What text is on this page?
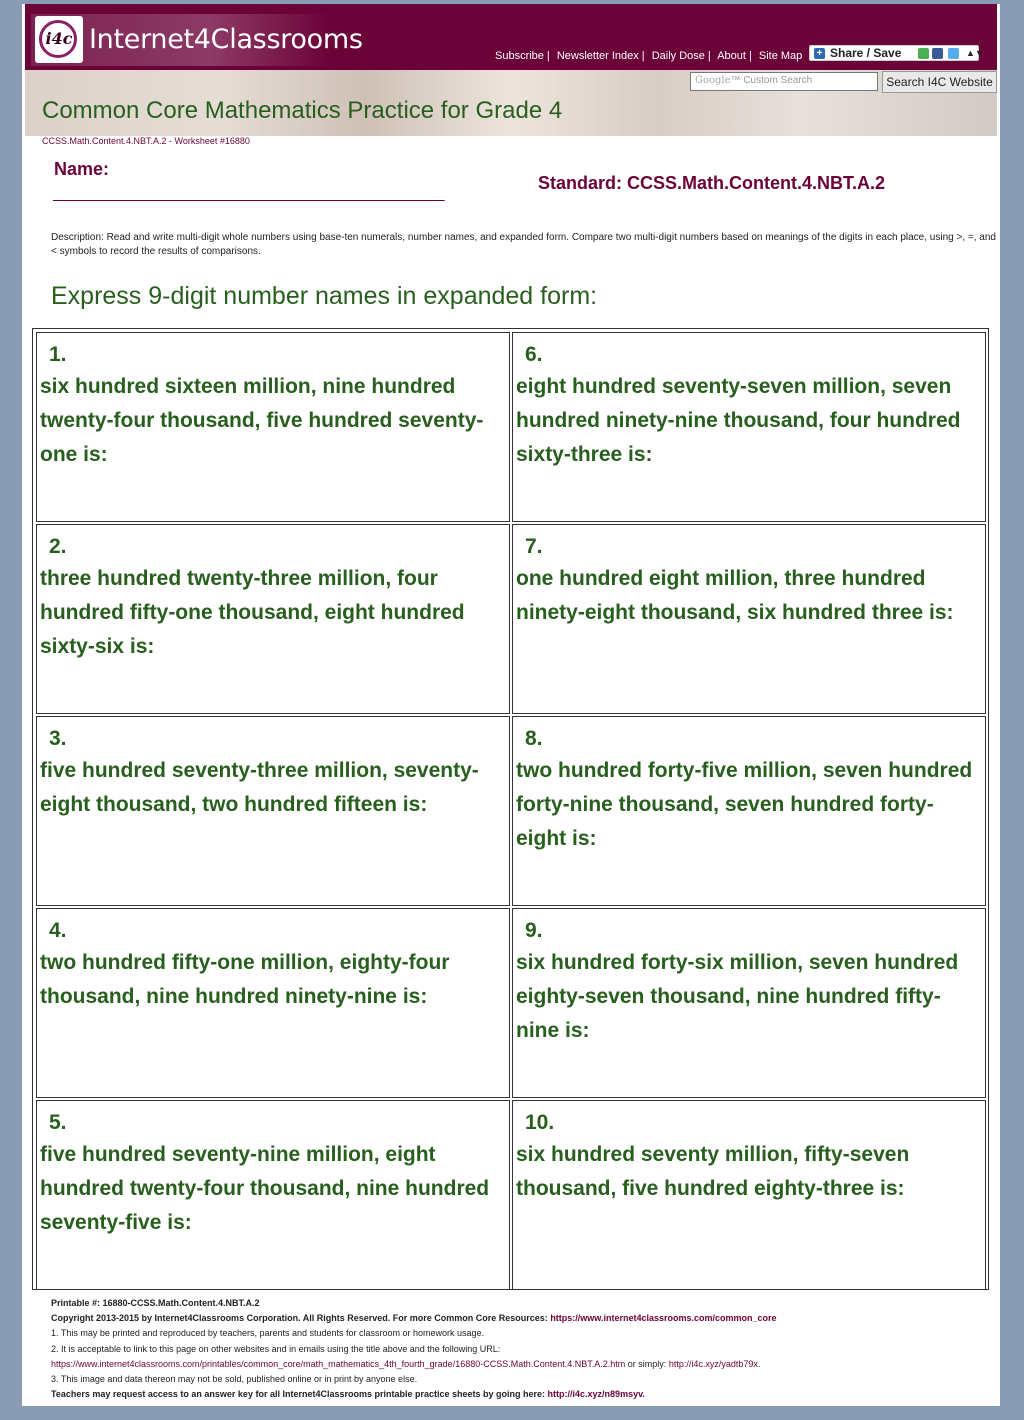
i4c Internet4Classrooms
Subscribe | Newsletter Index | Daily Dose | About | Site Map + Share / Save	▲▼
Google™ Custom Search	Search I4C Website
Common Core Mathematics Practice for Grade 4
CCSS.Math.Content.4.NBT.A.2 - Worksheet #16880
Name:
____________________________________________
Standard: CCSS.Math.Content.4.NBT.A.2
Description: Read and write multi-digit whole numbers using base-ten numerals, number names, and expanded form. Compare two multi-digit numbers based on meanings of the digits in each place, using >, =, and < symbols to record the results of comparisons.
Express 9-digit number names in expanded form:
1.
six hundred sixteen million, nine hundred twenty-four thousand, five hundred seventy-one is:
2.
three hundred twenty-three million, four hundred fifty-one thousand, eight hundred sixty-six is:
3.
five hundred seventy-three million, seventy-eight thousand, two hundred fifteen is:
4.
two hundred fifty-one million, eighty-four thousand, nine hundred ninety-nine is:
5.
five hundred seventy-nine million, eight hundred twenty-four thousand, nine hundred seventy-five is:
6.
eight hundred seventy-seven million, seven hundred ninety-nine thousand, four hundred sixty-three is:
7.
one hundred eight million, three hundred ninety-eight thousand, six hundred three is:
8.
two hundred forty-five million, seven hundred forty-nine thousand, seven hundred forty-eight is:
9.
six hundred forty-six million, seven hundred eighty-seven thousand, nine hundred fifty-nine is:
10.
six hundred seventy million, fifty-seven thousand, five hundred eighty-three is:
Printable #: 16880-CCSS.Math.Content.4.NBT.A.2
Copyright 2013-2015 by Internet4Classrooms Corporation. All Rights Reserved. For more Common Core Resources: https://www.internet4classrooms.com/common_core
1. This may be printed and reproduced by teachers, parents and students for classroom or homework usage.
2. It is acceptable to link to this page on other websites and in emails using the title above and the following URL:
https://www.internet4classrooms.com/printables/common_core/math_mathematics_4th_fourth_grade/16880-CCSS.Math.Content.4.NBT.A.2.htm or simply: http://i4c.xyz/yadtb79x.
3. This image and data thereon may not be sold, published online or in print by anyone else.
Teachers may request access to an answer key for all Internet4Classrooms printable practice sheets by going here: http://i4c.xyz/n89msyv.
